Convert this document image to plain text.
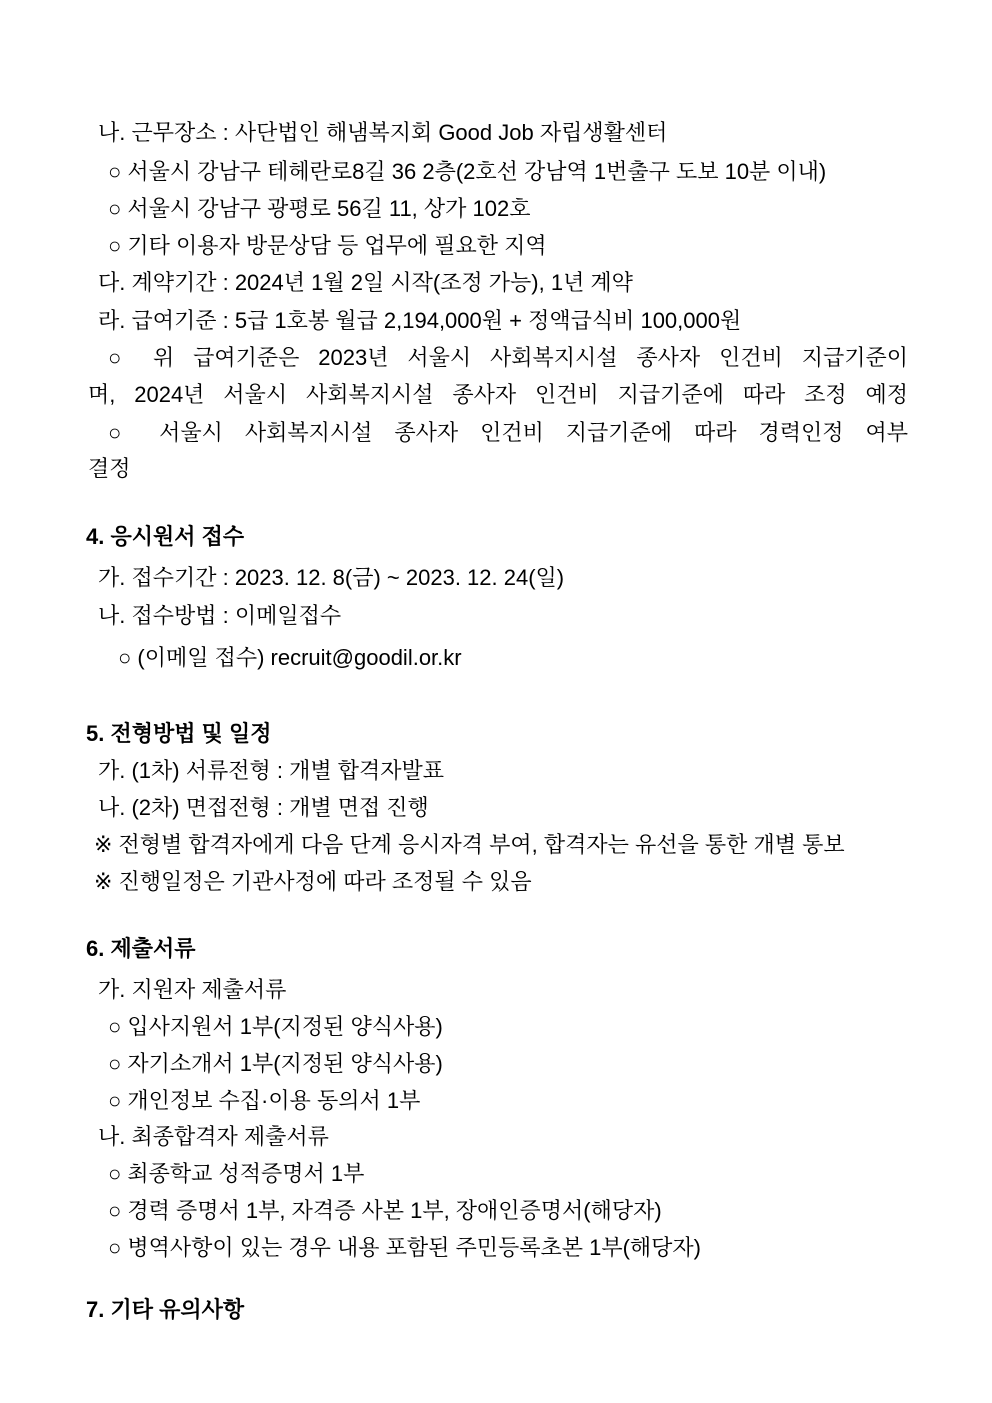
나. 근무장소 : 사단법인 해냄복지회 Good Job 자립생활센터
○ 서울시 강남구 테헤란로8길 36 2층(2호선 강남역 1번출구 도보 10분 이내)
○ 서울시 강남구 광평로 56길 11, 상가 102호
○ 기타 이용자 방문상담 등 업무에 필요한 지역
다. 계약기간 : 2024년 1월 2일 시작(조정 가능), 1년 계약
라. 급여기준 : 5급 1호봉 월급 2,194,000원 + 정액급식비 100,000원
○ 위 급여기준은 2023년 서울시 사회복지시설 종사자 인건비 지급기준이
며, 2024년 서울시 사회복지시설 종사자 인건비 지급기준에 따라 조정 예정
○ 서울시 사회복지시설 종사자 인건비 지급기준에 따라 경력인정 여부
결정
4. 응시원서 접수
가. 접수기간 : 2023. 12. 8(금) ~ 2023. 12. 24(일)
나. 접수방법 : 이메일접수
○ (이메일 접수) recruit@goodil.or.kr
5. 전형방법 및 일정
가. (1차) 서류전형 : 개별 합격자발표
나. (2차) 면접전형 : 개별 면접 진행
※ 전형별 합격자에게 다음 단계 응시자격 부여, 합격자는 유선을 통한 개별 통보
※ 진행일정은 기관사정에 따라 조정될 수 있음
6. 제출서류
가. 지원자 제출서류
○ 입사지원서 1부(지정된 양식사용)
○ 자기소개서 1부(지정된 양식사용)
○ 개인정보 수집·이용 동의서 1부
나. 최종합격자 제출서류
○ 최종학교 성적증명서 1부
○ 경력 증명서 1부, 자격증 사본 1부, 장애인증명서(해당자)
○ 병역사항이 있는 경우 내용 포함된 주민등록초본 1부(해당자)
7. 기타 유의사항
